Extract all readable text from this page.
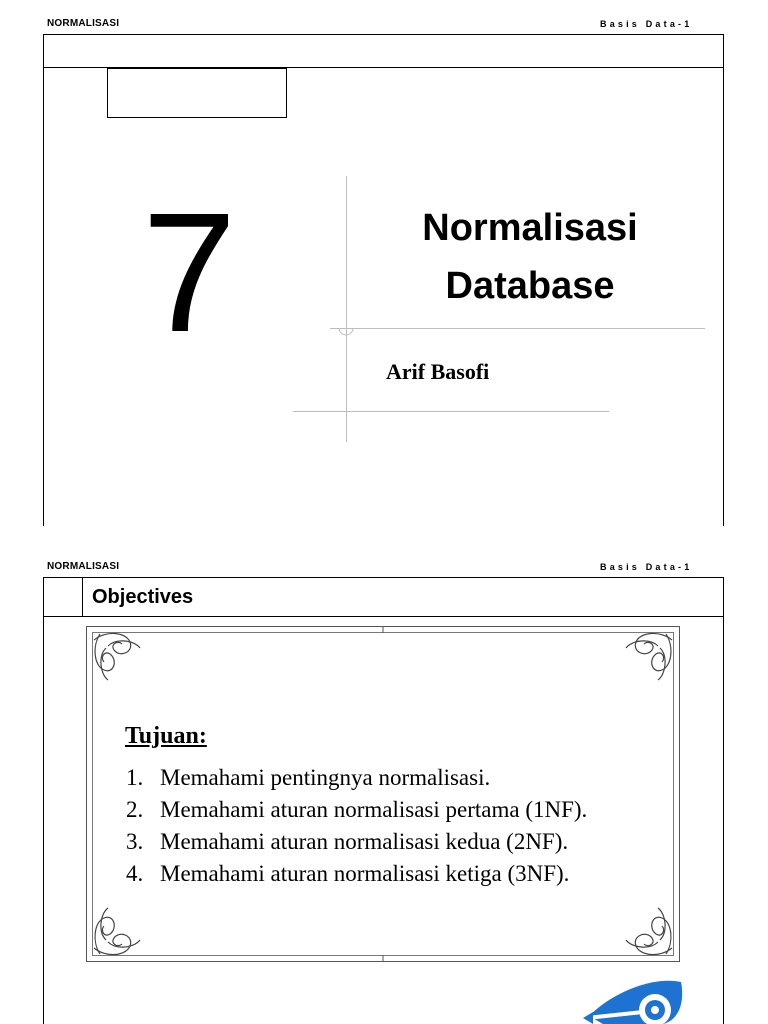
NORMALISASI	Basis Data-1
7	Normalisasi
Database
Arif Basofi
NORMALISASI	Basis Data-1
Objectives
Tujuan:
1. Memahami pentingnya normalisasi.
2. Memahami aturan normalisasi pertama (1NF).
3. Memahami aturan normalisasi kedua (2NF).
4. Memahami aturan normalisasi ketiga (3NF).
